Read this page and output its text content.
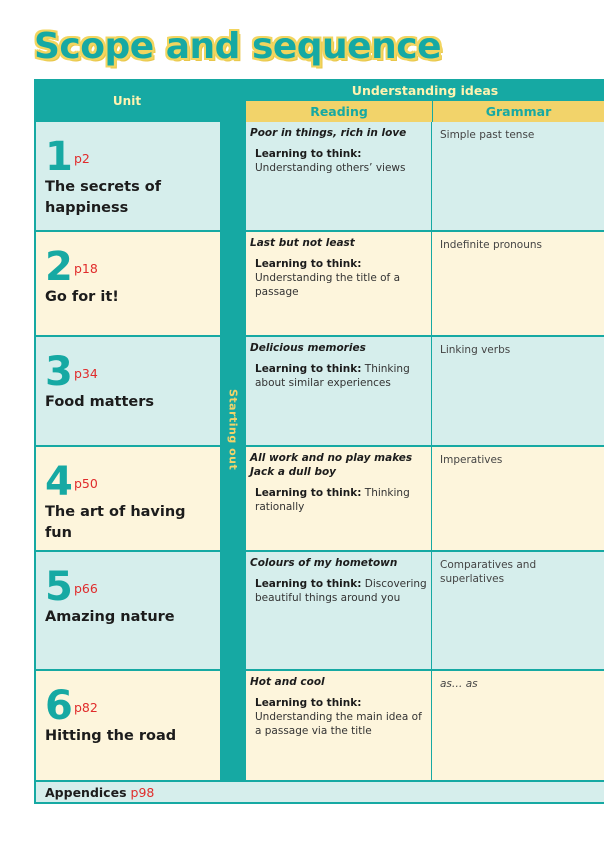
Scope and sequence
Unit
Understanding ideas
Reading	Grammar
Starting out
1 p2
The secrets of happiness
Poor in things, rich in love
Learning to think: Understanding others’ views
Simple past tense
2 p18
Go for it!
Last but not least
Learning to think: Understanding the title of a passage
Indefinite pronouns
3 p34
Food matters
Delicious memories
Learning to think: Thinking about similar experiences
Linking verbs
4 p50
The art of having fun
All work and no play makes Jack a dull boy
Learning to think: Thinking rationally
Imperatives
5 p66
Amazing nature
Colours of my hometown
Learning to think: Discovering beautiful things around you
Comparatives and superlatives
6 p82
Hitting the road
Hot and cool
Learning to think: Understanding the main idea of a passage via the title
as… as
Appendices p98
